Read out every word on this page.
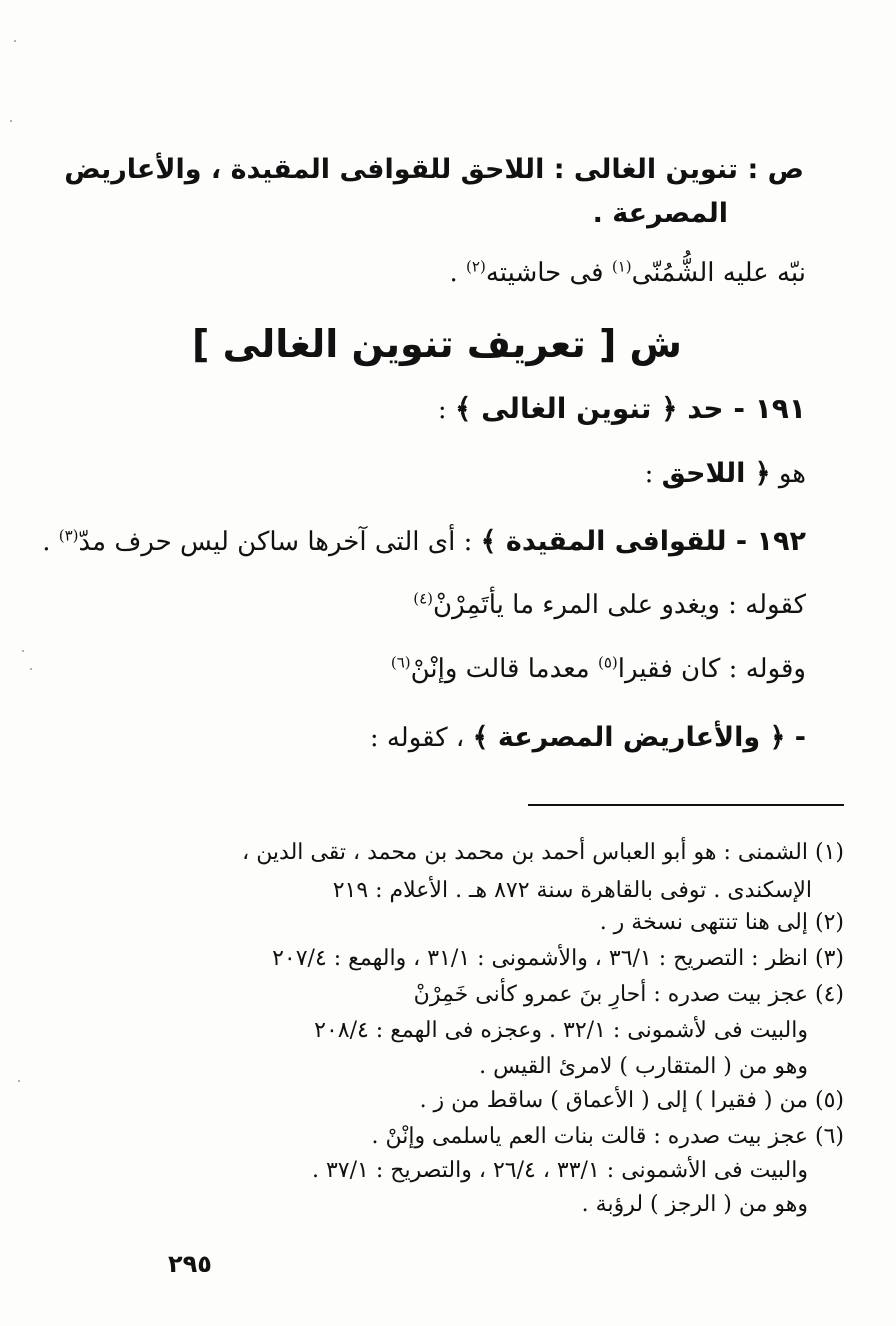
ص : تنوين الغالى : اللاحق للقوافى المقيدة ، والأعاريض
المصرعة .
نبّه عليه الشُّمُنّى$^{(١)}$ فى حاشيته$^{(٢)}$ .
ش [ تعريف تنوين الغالى ]
١٩١ - حد ﴿ تنوين الغالى ﴾ :
هو ﴿ اللاحق :
١٩٢ - للقوافى المقيدة ﴾ : أى التى آخرها ساكن ليس حرف مدّ$^{(٣)}$ .
كقوله : ويغدو على المرء ما يأتَمِرْنْ$^{(٤)}$
وقوله : كان فقيرا$^{(٥)}$ معدما قالت وإنْنْ$^{(٦)}$
- ﴿ والأعاريض المصرعة ﴾ ، كقوله :
(١) الشمنى : هو أبو العباس أحمد بن محمد بن محمد ، تقى الدين ،
الإسكندى . توفى بالقاهرة سنة ٨٧٢ هـ . الأعلام : ٢١٩
(٢) إلى هنا تنتهى نسخة ر .
(٣) انظر : التصريح : ٣٦/١ ، والأشمونى : ٣١/١ ، والهمع : ٢٠٧/٤
(٤) عجز بيت صدره : أحارِ بنَ عمرو كأنى خَمِرْنْ
والبيت فى لأشمونى : ٣٢/١ . وعجزه فى الهمع : ٢٠٨/٤
وهو من ( المتقارب ) لامرئ القيس .
(٥) من ( فقيرا ) إلى ( الأعماق ) ساقط من ز .
(٦) عجز بيت صدره : قالت بنات العم ياسلمى وإنْنْ .
والبيت فى الأشمونى : ٣٣/١ ، ٢٦/٤ ، والتصريح : ٣٧/١ .
وهو من ( الرجز ) لرؤبة .
٢٩٥
